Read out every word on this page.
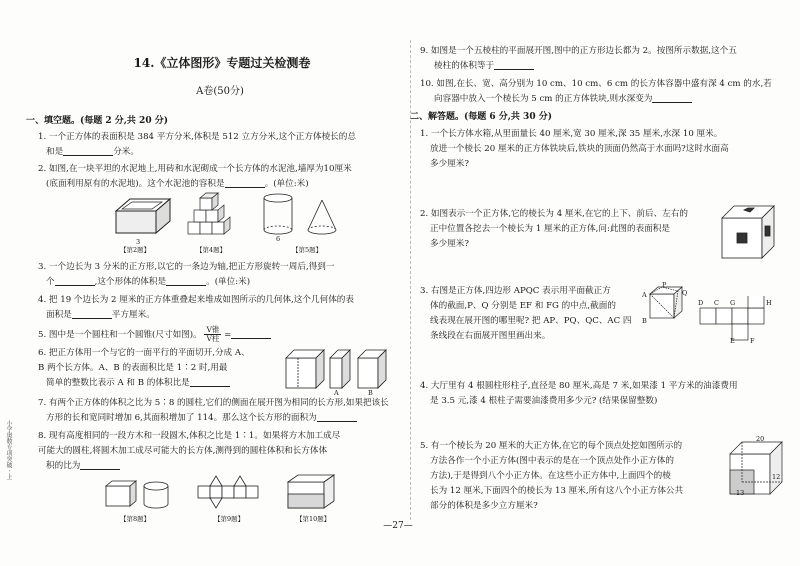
14.《立体图形》专题过关检测卷
A卷(50分)
一、填空题。(每题 2 分,共 20 分)
1. 一个正方体的表面积是 384 平方分米,体积是 512 立方分米,这个正方体棱长的总
和是	分米。
2. 如图,在一块平坦的水泥地上,用砖和水泥砌成一个长方体的水泥池,墙厚为10厘米
(底面利用原有的水泥地)。这个水泥池的容积是	。(单位:米)
3
【第2题】	【第4题】
6
【第5题】
3. 一个边长为 3 分米的正方形,以它的一条边为轴,把正方形旋转一周后,得到一
个	,这个形体的体积是	。(单位:米)
4. 把 19 个边长为 2 厘米的正方体重叠起来堆成如图所示的几何体,这个几何体的表
面积是	平方厘米。
5. 图中是一个圆柱和一个圆锥(尺寸如图)。 $\frac{\text{V锥}}{\text{V柱}}$ =
6. 把正方体用一个与它的一面平行的平面切开,分成 A、
B 两个长方体。A、B 的表面积比是 1∶2 时,用最
简单的整数比表示 A 和 B 的体积比是
A	B
7. 有两个正方体的体积之比为 5∶8 的圆柱,它们的侧面在展开图为相同的长方形,如果把该长
方形的长和宽同时增加 6,其面积增加了 114。那么这个长方形的面积为
8. 现有高度相同的一段方木和一段圆木,体积之比是 1∶1。如果将方木加工成尽
可能大的圆柱,将圆木加工成尽可能大的长方体,测得到的圆柱体积和长方体体
积的比为
【第8题】	【第9题】	【第10题】
9. 如图是一个五棱柱的平面展开图,图中的正方形边长都为 2。按图所示数据,这个五
棱柱的体积等于
10. 如图,在长、宽、高分别为 10 cm、10 cm、6 cm 的长方体容器中盛有深 4 cm 的水,若
向容器中放入一个棱长为 5 cm 的正方体铁块,则水深变为
二、解答题。(每题 6 分,共 30 分)
1. 一个长方体水箱,从里面量长 40 厘米,宽 30 厘米,深 35 厘米,水深 10 厘米。
放进一个棱长 20 厘米的正方体铁块后,铁块的顶面仍然高于水面吗?这时水面高
多少厘米?
2. 如图表示一个正方体,它的棱长为 4 厘米,在它的上下、前后、左右的
正中位置各挖去一个棱长为 1 厘米的正方体,问:此图的表面积是
多少厘米?
3. 右图是正方体,四边形 APQC 表示用平面截正方
体的截面,P、Q 分别是 EF 和 FG 的中点,截面的
线表现在展开图的哪里呢? 把 AP、PQ、QC、AC 四
条线段在右面展开图里画出来。
A
P
Q
B
D C G	H
E F
4. 大厅里有 4 根圆柱形柱子,直径是 80 厘米,高是 7 米,如果漆 1 平方米的油漆费用
是 3.5 元,漆 4 根柱子需要油漆费用多少元? (结果保留整数)
5. 有一个棱长为 20 厘米的大正方体,在它的每个顶点处挖如图所示的
方法各作一个小正方体(图中表示的是在一个顶点处作小正方体的
方法),于是得到八个小正方体。在这些小正方体中,上面四个的棱
长为 12 厘米,下面四个的棱长为 13 厘米,所有这八个小正方体公共
部分的体积是多少立方厘米?
20
13
12
—27—
小学奥数专项突破 · 上
